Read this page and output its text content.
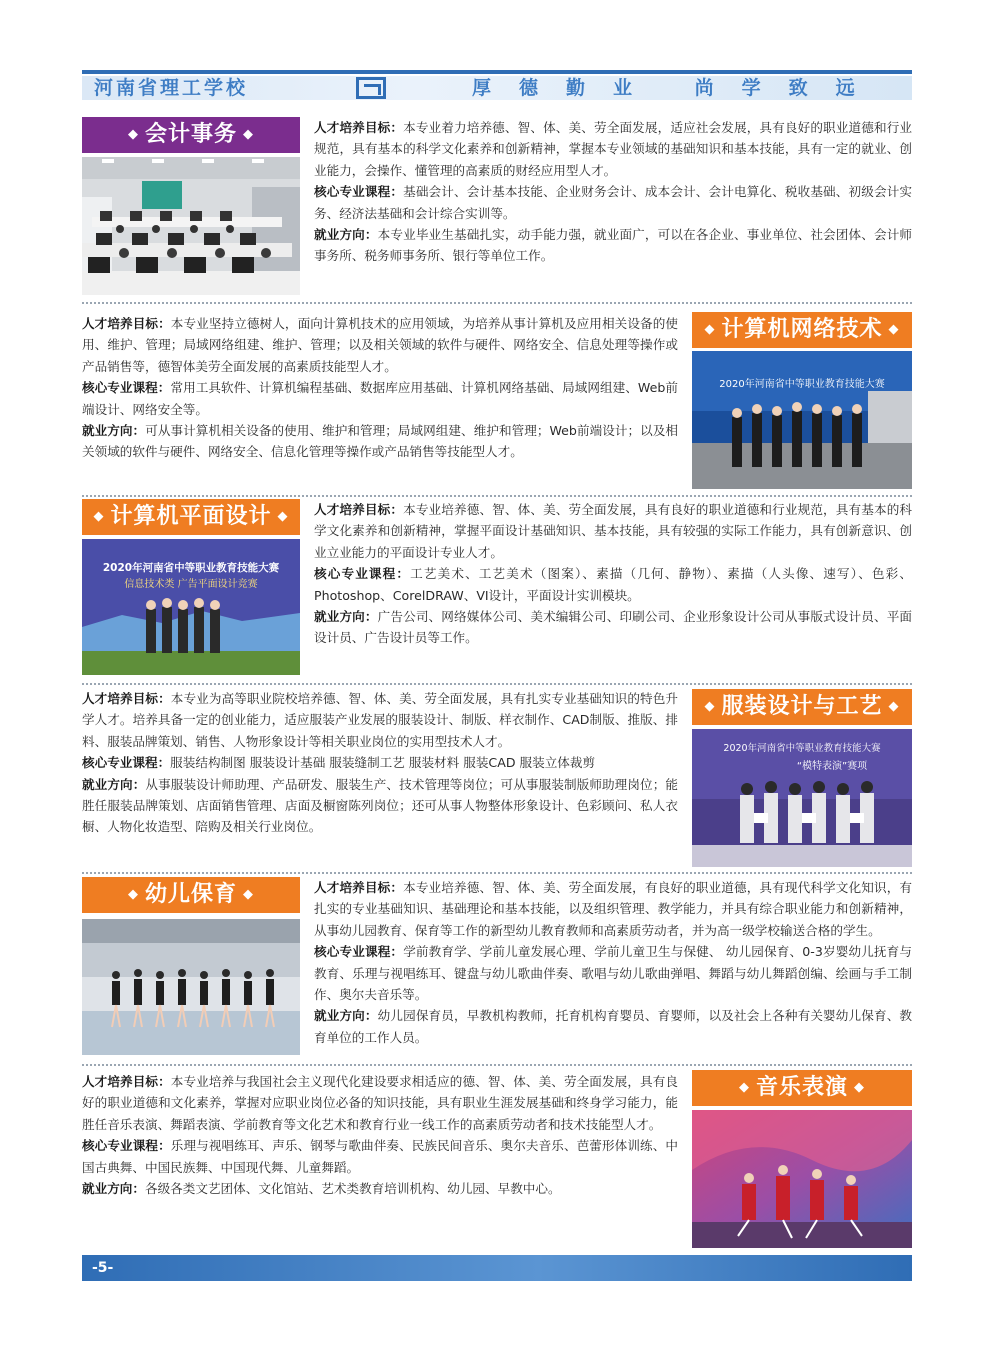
河南省理工学校	厚德勤业 尚学致远
◆ 会计事务 ◆	人才培养目标：本专业着力培养德、智、体、美、劳全面发展，适应社会发展，具有良好的职业道德和行业规范，具有基本的科学文化素养和创新精神，掌握本专业领域的基础知识和基本技能，具有一定的就业、创业能力，会操作、懂管理的高素质的财经应用型人才。

核心专业课程：基础会计、会计基本技能、企业财务会计、成本会计、会计电算化、税收基础、初级会计实务、经济法基础和会计综合实训等。

就业方向：本专业毕业生基础扎实，动手能力强，就业面广，可以在各企业、事业单位、社会团体、会计师事务所、税务师事务所、银行等单位工作。

人才培养目标：本专业坚持立德树人，面向计算机技术的应用领域，为培养从事计算机及应用相关设备的使用、维护、管理；局域网络组建、维护、管理；以及相关领域的软件与硬件、网络安全、信息处理等操作或产品销售等，德智体美劳全面发展的高素质技能型人才。

核心专业课程：常用工具软件、计算机编程基础、数据库应用基础、计算机网络基础、局域网组建、Web前端设计、网络安全等。

就业方向：可从事计算机相关设备的使用、维护和管理；局域网组建、维护和管理；Web前端设计；以及相关领域的软件与硬件、网络安全、信息化管理等操作或产品销售等技能型人才。

◆ 计算机网络技术 ◆
2020年河南省中等职业教育技能大赛
◆ 计算机平面设计 ◆
2020年河南省中等职业教育技能大赛
信息技术类 广告平面设计竞赛

人才培养目标：本专业培养德、智、体、美、劳全面发展，具有良好的职业道德和行业规范，具有基本的科学文化素养和创新精神，掌握平面设计基础知识、基本技能，具有较强的实际工作能力，具有创新意识、创业立业能力的平面设计专业人才。

核心专业课程：工艺美术、工艺美术（图案）、素描（几何、静物）、素描（人头像、速写）、色彩、Photoshop、CorelDRAW、VI设计，平面设计实训模块。

就业方向：广告公司、网络媒体公司、美术编辑公司、印刷公司、企业形象设计公司从事版式设计员、平面设计员、广告设计员等工作。

人才培养目标：本专业为高等职业院校培养德、智、体、美、劳全面发展，具有扎实专业基础知识的特色升学人才。培养具备一定的创业能力，适应服装产业发展的服装设计、制版、样衣制作、CAD制版、推版、排料、服装品牌策划、销售、人物形象设计等相关职业岗位的实用型技术人才。

核心专业课程：服装结构制图 服装设计基础 服装缝制工艺 服装材料 服装CAD 服装立体裁剪

就业方向：从事服装设计师助理、产品研发、服装生产、技术管理等岗位；可从事服装制版师助理岗位；能胜任服装品牌策划、店面销售管理、店面及橱窗陈列岗位；还可从事人物整体形象设计、色彩顾问、私人衣橱、人物化妆造型、陪购及相关行业岗位。

◆ 服装设计与工艺 ◆
2020年河南省中等职业教育技能大赛
“模特表演”赛项
◆ 幼儿保育 ◆	人才培养目标：本专业培养德、智、体、美、劳全面发展，有良好的职业道德，具有现代科学文化知识，有扎实的专业基础知识、基础理论和基本技能，以及组织管理、教学能力，并具有综合职业能力和创新精神，从事幼儿园教育、保育等工作的新型幼儿教育教师和高素质劳动者，并为高一级学校输送合格的学生。

核心专业课程：学前教育学、学前儿童发展心理、学前儿童卫生与保健、 幼儿园保育、0-3岁婴幼儿抚育与教育、乐理与视唱练耳、键盘与幼儿歌曲伴奏、歌唱与幼儿歌曲弹唱、舞蹈与幼儿舞蹈创编、绘画与手工制作、奥尔夫音乐等。

就业方向：幼儿园保育员，早教机构教师，托育机构育婴员、育婴师，以及社会上各种有关婴幼儿保育、教育单位的工作人员。

人才培养目标：本专业培养与我国社会主义现代化建设要求相适应的德、智、体、美、劳全面发展，具有良好的职业道德和文化素养，掌握对应职业岗位必备的知识技能，具有职业生涯发展基础和终身学习能力，能胜任音乐表演、舞蹈表演、学前教育等文化艺术和教育行业一线工作的高素质劳动者和技术技能型人才。

核心专业课程：乐理与视唱练耳、声乐、钢琴与歌曲伴奏、民族民间音乐、奥尔夫音乐、芭蕾形体训练、中国古典舞、中国民族舞、中国现代舞、儿童舞蹈。

就业方向：各级各类文艺团体、文化馆站、艺术类教育培训机构、幼儿园、早教中心。

◆ 音乐表演 ◆
-5-
